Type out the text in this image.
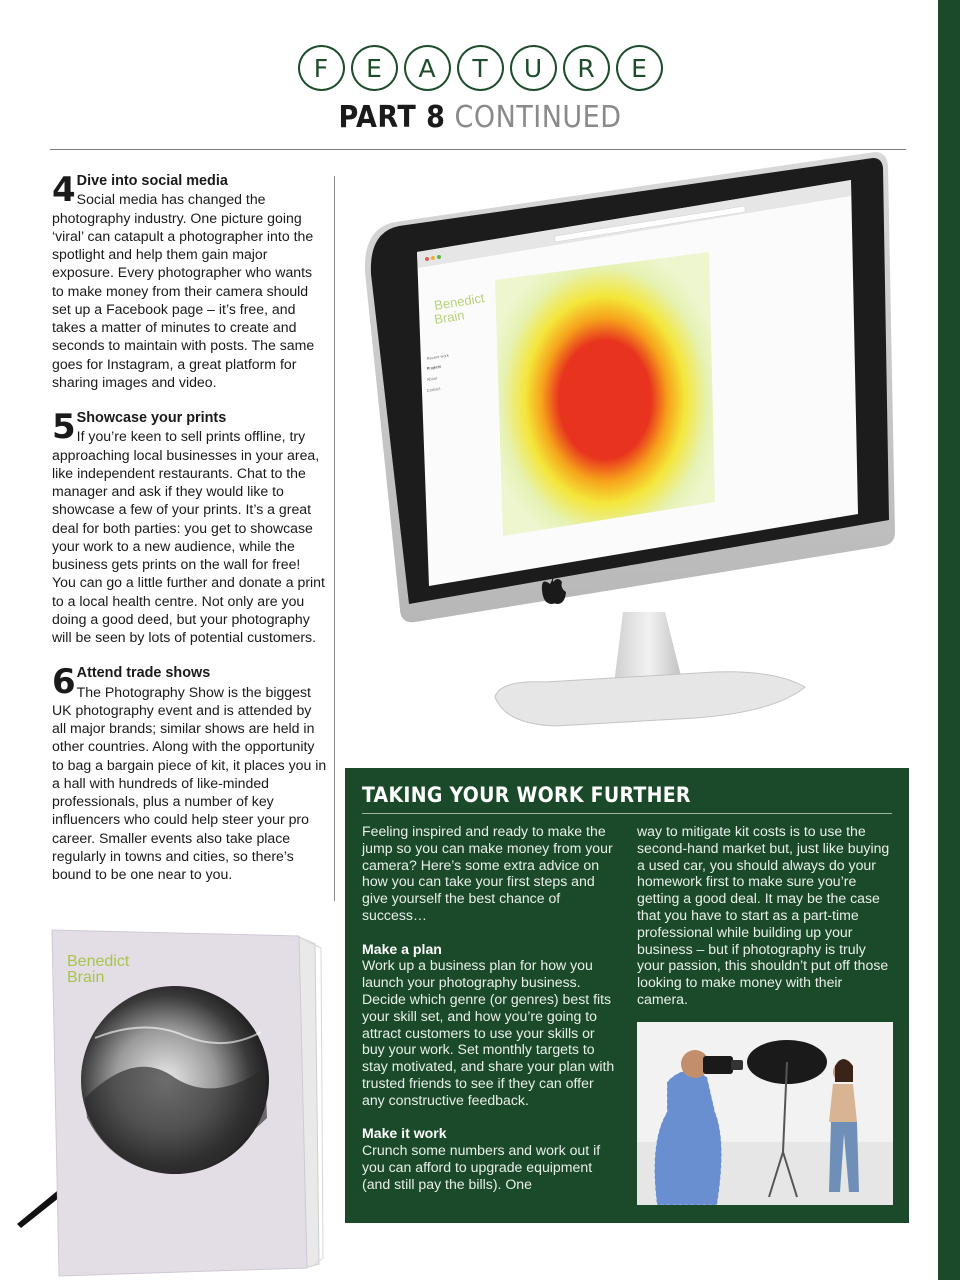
F	E	A	T	U	R	E
PART 8 CONTINUED
4 Dive into social media
Social media has changed the photography industry. One picture going ‘viral’ can catapult a photographer into the spotlight and help them gain major exposure. Every photographer who wants to make money from their camera should set up a Facebook page – it’s free, and takes a matter of minutes to create and seconds to maintain with posts. The same goes for Instagram, a great platform for sharing images and video.
5 Showcase your prints
If you’re keen to sell prints offline, try approaching local businesses in your area, like independent restaurants. Chat to the manager and ask if they would like to showcase a few of your prints. It’s a great deal for both parties: you get to showcase your work to a new audience, while the business gets prints on the wall for free! You can go a little further and donate a print to a local health centre. Not only are you doing a good deed, but your photography will be seen by lots of potential customers.
6 Attend trade shows
The Photography Show is the biggest UK photography event and is attended by all major brands; similar shows are held in other countries. Along with the opportunity to bag a bargain piece of kit, it places you in a hall with hundreds of like-minded professionals, plus a number of key influencers who could help steer your pro career. Smaller events also take place regularly in towns and cities, so there’s bound to be one near to you.
Benedict
Brain
Recent work
Projects
About
Contact
Benedict
Brain
TAKING YOUR WORK FURTHER

Feeling inspired and ready to make the jump so you can make money from your camera? Here’s some extra advice on how you can take your first steps and give yourself the best chance of success…

Make a plan
Work up a business plan for how you launch your photography business. Decide which genre (or genres) best fits your skill set, and how you’re going to attract customers to use your skills or buy your work. Set monthly targets to stay motivated, and share your plan with trusted friends to see if they can offer any constructive feedback.

Make it work
Crunch some numbers and work out if you can afford to upgrade equipment (and still pay the bills). One

way to mitigate kit costs is to use the second-hand market but, just like buying a used car, you should always do your homework first to make sure you’re getting a good deal. It may be the case that you have to start as a part-time professional while building up your business – but if photography is truly your passion, this shouldn’t put off those looking to make money with their camera.
